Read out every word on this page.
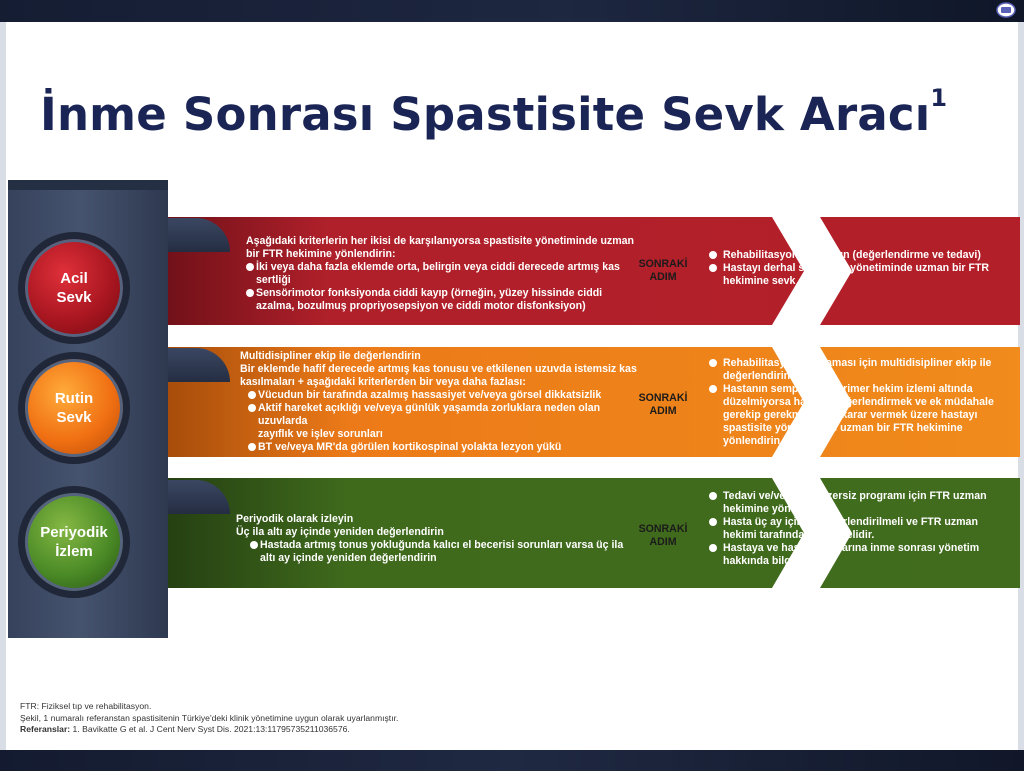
İnme Sonrası Spastisite Sevk Aracı$^1$
Acil
Sevk
Rutin
Sevk
Periyodik
İzlem
Aşağıdaki kriterlerin her ikisi de karşılanıyorsa spastisite yönetiminde uzman bir FTR hekimine yönlendirin:
İki veya daha fazla eklemde orta, belirgin veya ciddi derecede artmış kas sertliği
Sensörimotor fonksiyonda ciddi kayıp (örneğin, yüzey hissinde ciddi azalma, bozulmuş propriyosepsiyon ve ciddi motor disfonksiyon)
SONRAKİ
ADIM
Rehabilitasyona başlayın (değerlendirme ve tedavi)
Hastayı derhal spastisite yönetiminde uzman bir FTR hekimine sevk edin
Multidisipliner ekip ile değerlendirin
Bir eklemde hafif derecede artmış kas tonusu ve etkilenen uzuvda istemsiz kas kasılmaları + aşağıdaki kriterlerden bir veya daha fazlası:
Vücudun bir tarafında azalmış hassasiyet ve/veya görsel dikkatsizlik
Aktif hareket açıklığı ve/veya günlük yaşamda zorluklara neden olan uzuvlarda
zayıflık ve işlev sorunları
BT ve/veya MR'da görülen kortikospinal yolakta lezyon yükü
SONRAKİ
ADIM
Rehabilitasyon planlaması için multidisipliner ekip ile değerlendirin
Hastanın semptomları primer hekim izlemi altında düzelmiyorsa hastayı değerlendirmek ve ek müdahale gerekip gerekmediğine karar vermek üzere hastayı spastisite yönetiminde uzman bir FTR hekimine yönlendirin
Periyodik olarak izleyin
Üç ila altı ay içinde yeniden değerlendirin
Hastada artmış tonus yokluğunda kalıcı el becerisi sorunları varsa üç ila altı ay içinde yeniden değerlendirin
SONRAKİ
ADIM
Tedavi ve/veya ev egzersiz programı için FTR uzman hekimine yönlendirin.
Hasta üç ay içinde değerlendirilmeli ve FTR uzman hekimi tarafından izlenmelidir.
Hastaya ve hasta yakınlarına inme sonrası yönetim hakkında bilgi verin
FTR: Fiziksel tıp ve rehabilitasyon.
Şekil, 1 numaralı referanstan spastisitenin Türkiye'deki klinik yönetimine uygun olarak uyarlanmıştır.
Referanslar: 1. Bavikatte G et al. J Cent Nerv Syst Dis. 2021:13:11795735211036576.
